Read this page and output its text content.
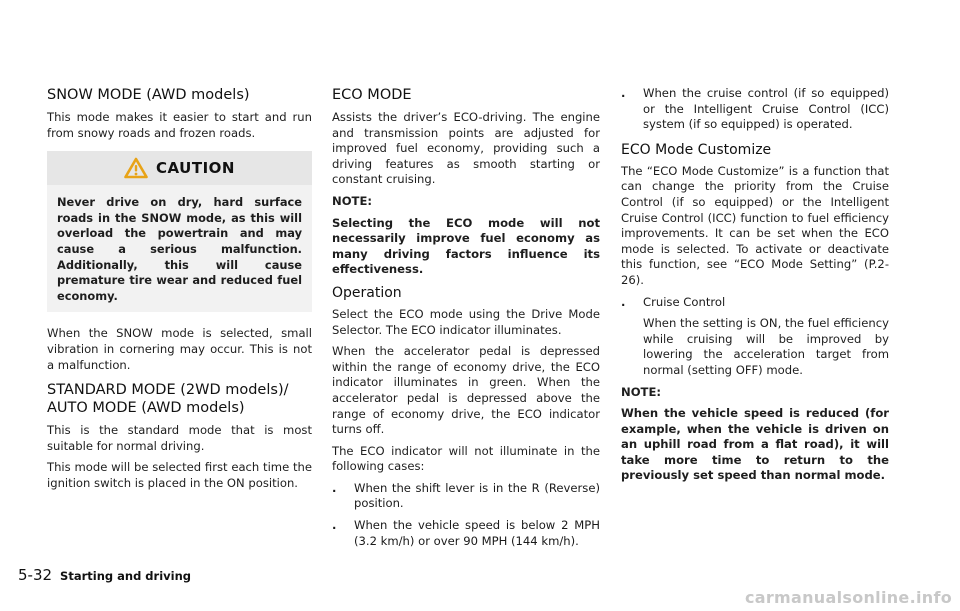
SNOW MODE (AWD models)

This mode makes it easier to start and run from snowy roads and frozen roads.

CAUTION

Never drive on dry, hard surface roads in the SNOW mode, as this will overload the powertrain and may cause a serious malfunction. Additionally, this will cause premature tire wear and reduced fuel economy.

When the SNOW mode is selected, small vibration in cornering may occur. This is not a malfunction.

STANDARD MODE (2WD models)/
AUTO MODE (AWD models)

This is the standard mode that is most suitable for normal driving.

This mode will be selected first each time the ignition switch is placed in the ON position.

ECO MODE

Assists the driver’s ECO-driving. The engine and transmission points are adjusted for improved fuel economy, providing such a driving features as smooth starting or constant cruising.

NOTE:

Selecting the ECO mode will not necessarily improve fuel economy as many driving factors influence its effectiveness.

Operation

Select the ECO mode using the Drive Mode Selector. The ECO indicator illuminates.

When the accelerator pedal is depressed within the range of economy drive, the ECO indicator illuminates in green. When the accelerator pedal is depressed above the range of economy drive, the ECO indicator turns off.

The ECO indicator will not illuminate in the following cases:

. When the shift lever is in the R (Reverse) position.
. When the vehicle speed is below 2 MPH (3.2 km/h) or over 90 MPH (144 km/h).
. When the cruise control (if so equipped) or the Intelligent Cruise Control (ICC) system (if so equipped) is operated.
ECO Mode Customize

The “ECO Mode Customize” is a function that can change the priority from the Cruise Control (if so equipped) or the Intelligent Cruise Control (ICC) function to fuel efficiency improvements. It can be set when the ECO mode is selected. To activate or deactivate this function, see “ECO Mode Setting” (P.2-26).

. Cruise Control

When the setting is ON, the fuel efficiency while cruising will be improved by lowering the acceleration target from normal (setting OFF) mode.

NOTE:

When the vehicle speed is reduced (for example, when the vehicle is driven on an uphill road from a flat road), it will take more time to return to the previously set speed than normal mode.

5-32 Starting and driving
carmanualsonline.info
